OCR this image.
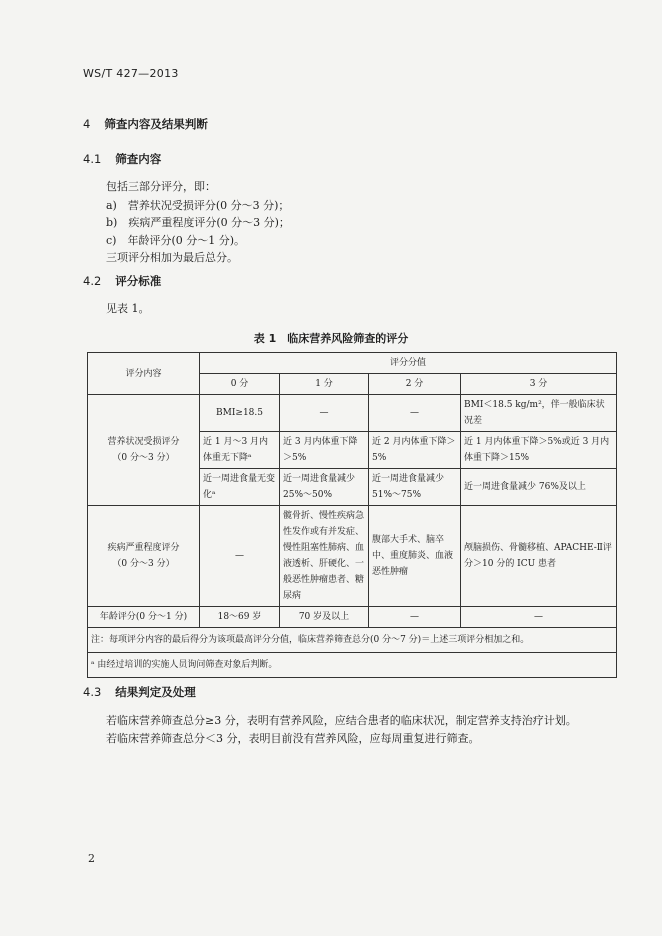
WS/T 427—2013
4 筛查内容及结果判断
4.1 筛查内容
包括三部分评分，即：
a)　营养状况受损评分(0 分～3 分)；
b)　疾病严重程度评分(0 分～3 分)；
c)　年龄评分(0 分～1 分)。
三项评分相加为最后总分。
4.2 评分标准
见表 1。
表 1　临床营养风险筛查的评分
评分内容	评分分值			
	0 分	1 分	2 分	3 分

营养状况受损评分
（0 分～3 分）	BMI≥18.5	—	—	BMI＜18.5 kg/m²，伴一般临床状况差
	近 1 月～3 月内体重无下降ᵃ	近 3 月内体重下降＞5%	近 2 月内体重下降＞5%	近 1 月内体重下降＞5%或近 3 月内体重下降＞15%
	近一周进食量无变化ᵃ	近一周进食量减少 25%～50%	近一周进食量减少 51%～75%	近一周进食量减少 76%及以上

疾病严重程度评分
（0 分～3 分）	—	髋骨折、慢性疾病急性发作或有并发症、慢性阻塞性肺病、血液透析、肝硬化、一般恶性肿瘤患者、糖尿病	腹部大手术、脑卒中、重度肺炎、血液恶性肿瘤	颅脑损伤、骨髓移植、APACHE-Ⅱ评分＞10 分的 ICU 患者
年龄评分(0 分～1 分)	18～69 岁	70 岁及以上	—	—
注：每项评分内容的最后得分为该项最高评分分值，临床营养筛查总分(0 分～7 分)＝上述三项评分相加之和。				
ᵃ 由经过培训的实施人员询问筛查对象后判断。				
4.3 结果判定及处理
若临床营养筛查总分≥3 分，表明有营养风险，应结合患者的临床状况，制定营养支持治疗计划。
若临床营养筛查总分＜3 分，表明目前没有营养风险，应每周重复进行筛查。
2
